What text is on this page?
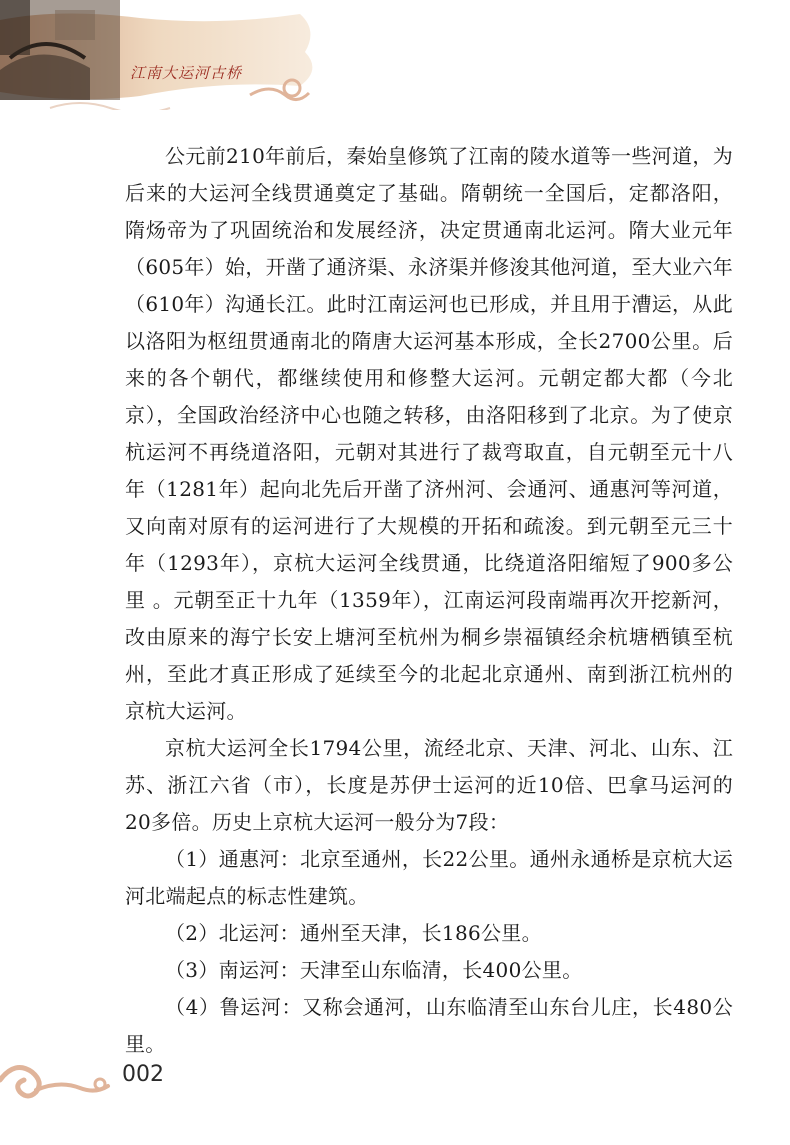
江南大运河古桥

公元前210年前后，秦始皇修筑了江南的陵水道等一些河道，为后来的大运河全线贯通奠定了基础。隋朝统一全国后，定都洛阳，隋炀帝为了巩固统治和发展经济，决定贯通南北运河。隋大业元年（605年）始，开凿了通济渠、永济渠并修浚其他河道，至大业六年（610年）沟通长江。此时江南运河也已形成，并且用于漕运，从此以洛阳为枢纽贯通南北的隋唐大运河基本形成，全长2700公里。后来的各个朝代，都继续使用和修整大运河。元朝定都大都（今北京），全国政治经济中心也随之转移，由洛阳移到了北京。为了使京杭运河不再绕道洛阳，元朝对其进行了裁弯取直，自元朝至元十八年（1281年）起向北先后开凿了济州河、会通河、通惠河等河道，又向南对原有的运河进行了大规模的开拓和疏浚。到元朝至元三十年（1293年），京杭大运河全线贯通，比绕道洛阳缩短了900多公里 。元朝至正十九年（1359年），江南运河段南端再次开挖新河，改由原来的海宁长安上塘河至杭州为桐乡崇福镇经余杭塘栖镇至杭州，至此才真正形成了延续至今的北起北京通州、南到浙江杭州的京杭大运河。

京杭大运河全长1794公里，流经北京、天津、河北、山东、江苏、浙江六省（市），长度是苏伊士运河的近10倍、巴拿马运河的20多倍。历史上京杭大运河一般分为7段：

（1）通惠河：北京至通州，长22公里。通州永通桥是京杭大运河北端起点的标志性建筑。

（2）北运河：通州至天津，长186公里。

（3）南运河：天津至山东临清，长400公里。

（4）鲁运河：又称会通河，山东临清至山东台儿庄，长480公里。

002
